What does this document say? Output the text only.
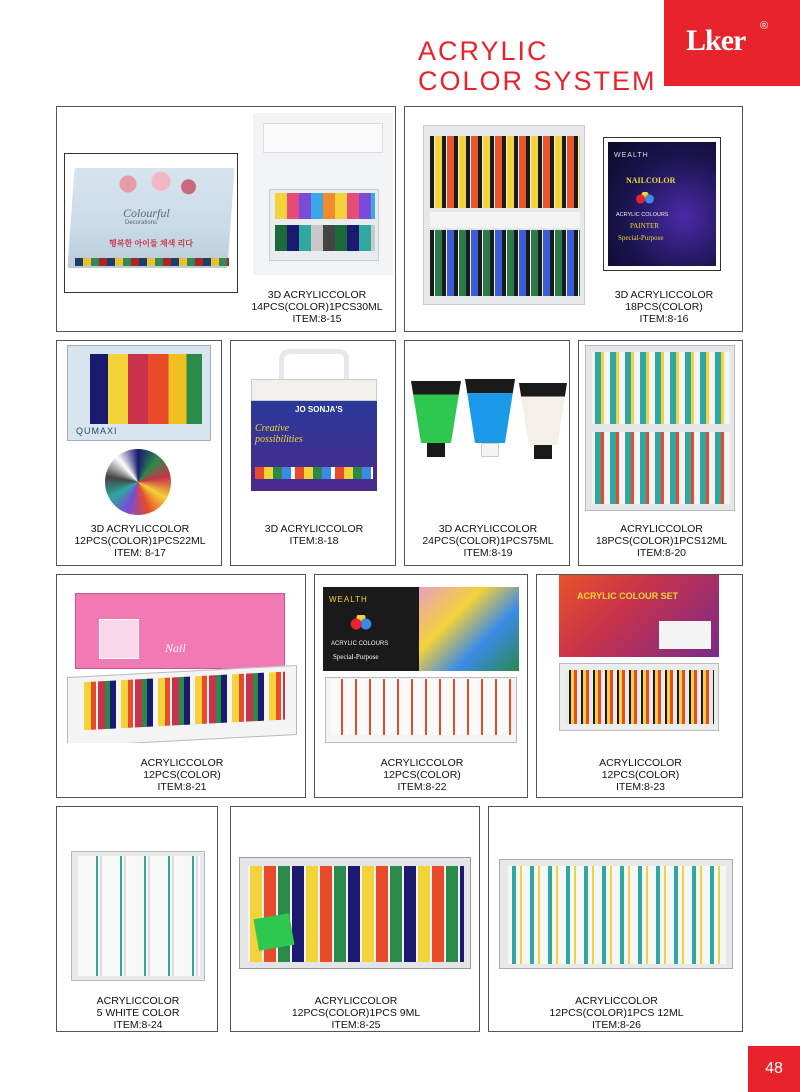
Lker ®
ACRYLIC
COLOR SYSTEM
Colourful
Decorations
행복한 아이들 채색 리다
3D ACRYLICCOLOR
14PCS(COLOR)1PCS30ML
ITEM:8-15
WEALTH
NAILCOLOR
ACRYLIC COLOURS
PAINTER
Special-Purpose
3D ACRYLICCOLOR
18PCS(COLOR)
ITEM:8-16
QUMAXI
3D ACRYLICCOLOR
12PCS(COLOR)1PCS22ML
ITEM: 8-17
JO SONJA'S
Creative possibilities
3D ACRYLICCOLOR
ITEM:8-18
3D ACRYLICCOLOR
24PCS(COLOR)1PCS75ML
ITEM:8-19
ACRYLICCOLOR
18PCS(COLOR)1PCS12ML
ITEM:8-20
Nail
ACRYLICCOLOR
12PCS(COLOR)
ITEM:8-21
WEALTH
ACRYLIC COLOURS
Special-Purpose
ACRYLICCOLOR
12PCS(COLOR)
ITEM:8-22
ACRYLIC COLOUR SET
ACRYLICCOLOR
12PCS(COLOR)
ITEM:8-23
ACRYLICCOLOR
5 WHITE COLOR
ITEM:8-24
ACRYLICCOLOR
12PCS(COLOR)1PCS 9ML
ITEM:8-25
ACRYLICCOLOR
12PCS(COLOR)1PCS 12ML
ITEM:8-26
48
